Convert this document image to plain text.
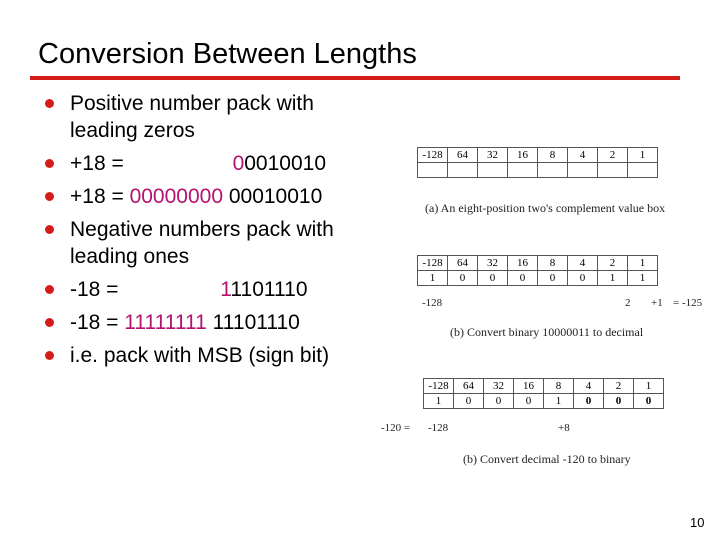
Conversion Between Lengths
Positive number pack with
leading zeros
+18 =	00010010
+18 = 00000000 00010010
Negative numbers pack with
leading ones
-18 =	11101110
-18 = 11111111 11101110
i.e. pack with MSB (sign bit)
-128	64	32	16	8	4	2	1

(a) An eight-position two's complement value box
-128	64	32	16	8	4	2	1
1	0	0	0	0	0	1	1
-128	2 +1 = -125
(b) Convert binary 10000011 to decimal
-128	64	32	16	8	4	2	1
1	0	0	0	1	0	0	0
-120 = -128	+8
(b) Convert decimal -120 to binary
10
